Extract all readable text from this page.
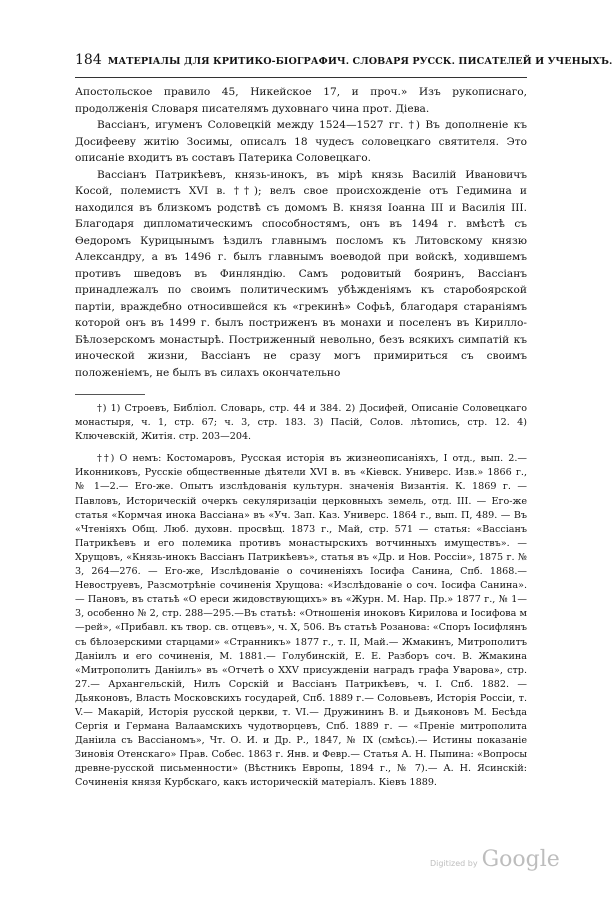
184 МАТЕРІАЛЫ ДЛЯ КРИТИКО-БІОГРАФИЧ. СЛОВАРЯ РУССК. ПИСАТЕЛЕЙ И УЧЕНЫХЪ.

Апостольское правило 45, Никейское 17, и проч.» Изъ рукописнаго, продолженія Словаря писателямъ духовнаго чина прот. Діева.

Вассіанъ, игуменъ Соловецкій между 1524—1527 гг. †) Въ дополненіе къ Досифееву житію Зосимы, описалъ 18 чудесъ соловецкаго святителя. Это описаніе входитъ въ составъ Патерика Соловецкаго.

Вассіанъ Патрикѣевъ, князь-инокъ, въ мірѣ князь Василій Ивановичъ Косой, полемистъ XVI в. ††); велъ свое происхожденіе отъ Гедимина и находился въ близкомъ родствѣ съ домомъ В. князя Іоанна III и Василія III. Благодаря дипломатическимъ способностямъ, онъ въ 1494 г. вмѣстѣ съ Ѳедоромъ Курицынымъ ѣздилъ главнымъ посломъ къ Литовскому князю Александру, а въ 1496 г. былъ главнымъ воеводой при войскѣ, ходившемъ противъ шведовъ въ Финляндію. Самъ родовитый бояринъ, Вассіанъ принадлежалъ по своимъ политическимъ убѣжденіямъ къ старобоярской партіи, враждебно относившейся къ «грекинѣ» Софьѣ, благодаря стараніямъ которой онъ въ 1499 г. былъ постриженъ въ монахи и поселенъ въ Кирилло-Бѣлозерскомъ монастырѣ. Постриженный невольно, безъ всякихъ симпатій къ иноческой жизни, Вассіанъ не сразу могъ примириться съ своимъ положеніемъ, не былъ въ силахъ окончательно

†) 1) Строевъ, Библіол. Словарь, стр. 44 и 384. 2) Досифей, Описаніе Соловецкаго монастыря, ч. 1, стр. 67; ч. 3, стр. 183. 3) Пасій, Солов. лѣтопись, стр. 12. 4) Ключевскій, Житія. стр. 203—204.

††) О немъ: Костомаровъ, Русская исторія въ жизнеописаніяхъ, I отд., вып. 2.—Иконниковъ, Русскіе общественные дѣятели XVI в. въ «Кіевск. Универс. Изв.» 1866 г., № 1—2.— Его-же. Опытъ изслѣдованія культурн. значенія Византія. К. 1869 г. — Павловъ, Историческій очеркъ секуляризаціи церковныхъ земель, отд. III. — Его-же статья «Кормчая инока Вассіана» въ «Уч. Зап. Каз. Универс. 1864 г., вып. П, 489. — Въ «Чтеніяхъ Общ. Люб. духовн. просвѣщ. 1873 г., Май, стр. 571 — статья: «Вассіанъ Патрикѣевъ и его полемика противъ монастырскихъ вотчинныхъ имуществъ». — Хрущовъ, «Князь-инокъ Вассіанъ Патрикѣевъ», статья въ «Др. и Нов. Россіи», 1875 г. № 3, 264—276. — Его-же, Изслѣдованіе о сочиненіяхъ Іосифа Санина, Спб. 1868.— Невоструевъ, Разсмотрѣніе сочиненія Хрущова: «Изслѣдованіе о соч. Іосифа Санина». — Пановъ, въ статьѣ «О ереси жидовствующихъ» въ «Журн. М. Нар. Пр.» 1877 г., № 1—3, особенно № 2, стр. 288—295.—Въ статьѣ: «Отношенія иноковъ Кирилова и Іосифова м—рей», «Прибавл. къ твор. св. отцевъ», ч. X, 506. Въ статьѣ Розанова: «Споръ Іосифлянъ съ бѣлозерскими старцами» «Странникъ» 1877 г., т. II, Май.— Жмакинъ, Митрополитъ Даніилъ и его сочиненія, М. 1881.— Голубинскій, Е. Е. Разборъ соч. В. Жмакина «Митрополитъ Даніилъ» въ «Отчетѣ о XXV присужденіи наградъ графа Уварова», стр. 27.— Архангельскій, Нилъ Сорскій и Вассіанъ Патрикѣевъ, ч. I. Спб. 1882. — Дьяконовъ, Власть Московскихъ государей, Спб. 1889 г.— Соловьевъ, Исторія Россіи, т. V.— Макарій, Исторія русской церкви, т. VI.— Дружининъ В. и Дьяконовъ М. Бесѣда Сергія и Германа Валаамскихъ чудотворцевъ, Спб. 1889 г. — «Преніе митрополита Даніила съ Вассіаномъ», Чт. О. И. и Др. Р., 1847, № IX (смѣсь).— Истины показаніе Зиновія Отенскаго» Прав. Собес. 1863 г. Янв. и Февр.— Статья А. Н. Пыпина: «Вопросы древне-русской письменности» (Вѣстникъ Европы, 1894 г., № 7).— А. Н. Ясинскій: Сочиненія князя Курбскаго, какъ историческій матеріалъ. Кіевъ 1889.

Digitized by Google
